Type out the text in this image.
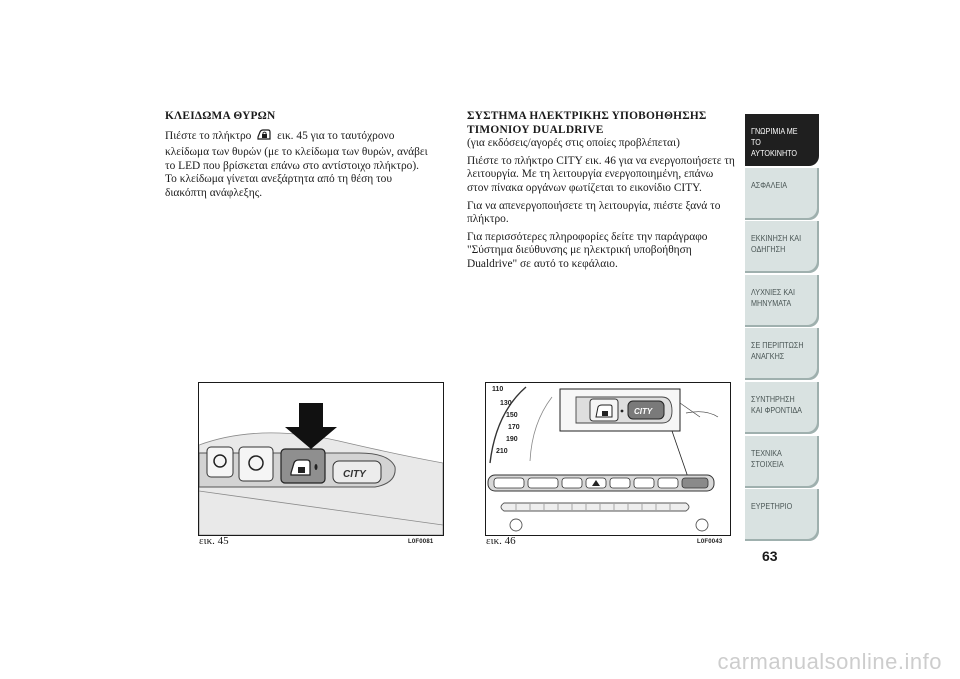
ΚΛΕΙΔΩΜΑ ΘΥΡΩΝ

Πιέστε το πλήκτρο εικ. 45 για το ταυτόχρονο κλείδωμα των θυρών (με το κλείδωμα των θυρών, ανάβει το LED που βρίσκεται επάνω στο αντίστοιχο πλήκτρο). Το κλείδωμα γίνεται ανεξάρτητα από τη θέση του διακόπτη ανάφλεξης.

ΣΥΣΤΗΜΑ ΗΛΕΚΤΡΙΚΗΣ ΥΠΟΒΟΗΘΗΣΗΣ ΤΙΜΟΝΙΟΥ DUALDRIVE

(για εκδόσεις/αγορές στις οποίες προβλέπεται)

Πιέστε το πλήκτρο CITY εικ. 46 για να ενεργοποιήσετε τη λειτουργία. Με τη λειτουργία ενεργοποιημένη, επάνω στον πίνακα οργάνων φωτίζεται το εικονίδιο CITY.

Για να απενεργοποιήσετε τη λειτουργία, πιέστε ξανά το πλήκτρο.

Για περισσότερες πληροφορίες δείτε την παράγραφο "Σύστημα διεύθυνσης με ηλεκτρική υποβοήθηση Dualdrive" σε αυτό το κεφάλαιο.

CITY
εικ. 45	L0F0081
110
130
150
170
190
210
CITY
εικ. 46	L0F0043
ΓΝΩΡΙΜΙΑ ΜΕ ΤΟ ΑΥΤΟΚΙΝΗΤΟ
ΑΣΦΑΛΕΙΑ
ΕΚΚΙΝΗΣΗ ΚΑΙ ΟΔΗΓΗΣΗ
ΛΥΧΝΙΕΣ ΚΑΙ ΜΗΝΥΜΑΤΑ
ΣΕ ΠΕΡΙΠΤΩΣΗ ΑΝΑΓΚΗΣ
ΣΥΝΤΗΡΗΣΗ ΚΑΙ ΦΡΟΝΤΙΔΑ
ΤΕΧΝΙΚΑ ΣΤΟΙΧΕΙΑ
ΕΥΡΕΤΗΡΙΟ
63
carmanualsonline.info
